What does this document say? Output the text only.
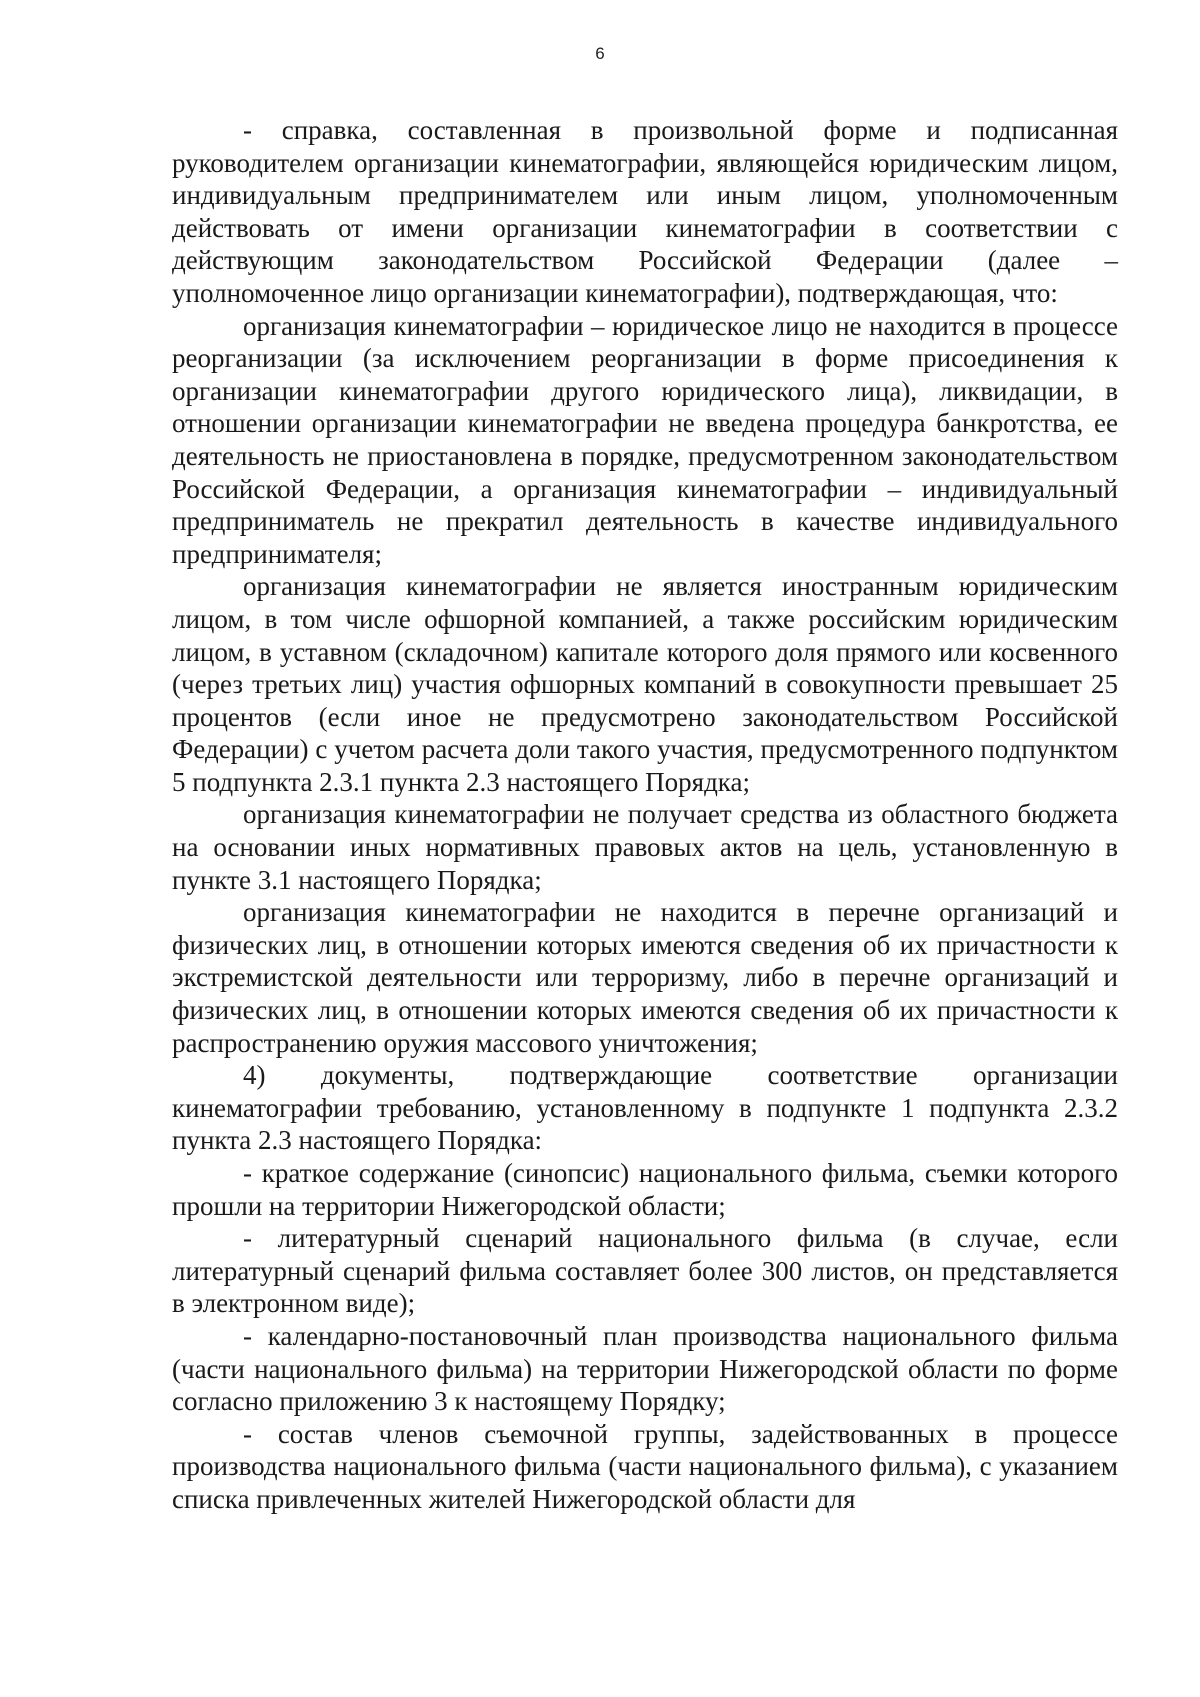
6

- справка, составленная в произвольной форме и подписанная руководителем организации кинематографии, являющейся юридическим лицом, индивидуальным предпринимателем или иным лицом, уполномоченным действовать от имени организации кинематографии в соответствии с действующим законодательством Российской Федерации (далее – уполномоченное лицо организации кинематографии), подтверждающая, что:

организация кинематографии – юридическое лицо не находится в процессе реорганизации (за исключением реорганизации в форме присоединения к организации кинематографии другого юридического лица), ликвидации, в отношении организации кинематографии не введена процедура банкротства, ее деятельность не приостановлена в порядке, предусмотренном законодательством Российской Федерации, а организация кинематографии – индивидуальный предприниматель не прекратил деятельность в качестве индивидуального предпринимателя;

организация кинематографии не является иностранным юридическим лицом, в том числе офшорной компанией, а также российским юридическим лицом, в уставном (складочном) капитале которого доля прямого или косвенного (через третьих лиц) участия офшорных компаний в совокупности превышает 25 процентов (если иное не предусмотрено законодательством Российской Федерации) с учетом расчета доли такого участия, предусмотренного подпунктом 5 подпункта 2.3.1 пункта 2.3 настоящего Порядка;

организация кинематографии не получает средства из областного бюджета на основании иных нормативных правовых актов на цель, установленную в пункте 3.1 настоящего Порядка;

организация кинематографии не находится в перечне организаций и физических лиц, в отношении которых имеются сведения об их причастности к экстремистской деятельности или терроризму, либо в перечне организаций и физических лиц, в отношении которых имеются сведения об их причастности к распространению оружия массового уничтожения;

4) документы, подтверждающие соответствие организации кинематографии требованию, установленному в подпункте 1 подпункта 2.3.2 пункта 2.3 настоящего Порядка:

- краткое содержание (синопсис) национального фильма, съемки которого прошли на территории Нижегородской области;

- литературный сценарий национального фильма (в случае, если литературный сценарий фильма составляет более 300 листов, он представляется в электронном виде);

- календарно-постановочный план производства национального фильма (части национального фильма) на территории Нижегородской области по форме согласно приложению 3 к настоящему Порядку;

- состав членов съемочной группы, задействованных в процессе производства национального фильма (части национального фильма), с указанием списка привлеченных жителей Нижегородской области для
